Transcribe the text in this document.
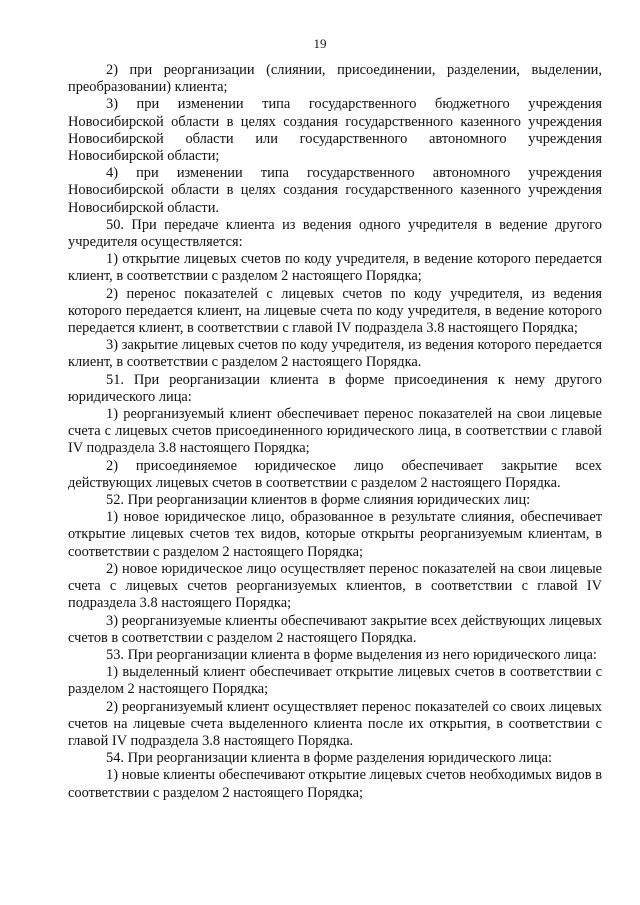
19

2) при реорганизации (слиянии, присоединении, разделении, выделении, преобразовании) клиента;

3) при изменении типа государственного бюджетного учреждения Новосибирской области в целях создания государственного казенного учреждения Новосибирской области или государственного автономного учреждения Новосибирской области;

4) при изменении типа государственного автономного учреждения Новосибирской области в целях создания государственного казенного учреждения Новосибирской области.

50. При передаче клиента из ведения одного учредителя в ведение другого учредителя осуществляется:

1) открытие лицевых счетов по коду учредителя, в ведение которого передается клиент, в соответствии с разделом 2 настоящего Порядка;

2) перенос показателей с лицевых счетов по коду учредителя, из ведения которого передается клиент, на лицевые счета по коду учредителя, в ведение которого передается клиент, в соответствии с главой IV подраздела 3.8 настоящего Порядка;

3) закрытие лицевых счетов по коду учредителя, из ведения которого передается клиент, в соответствии с разделом 2 настоящего Порядка.

51. При реорганизации клиента в форме присоединения к нему другого юридического лица:

1) реорганизуемый клиент обеспечивает перенос показателей на свои лицевые счета с лицевых счетов присоединенного юридического лица, в соответствии с главой IV подраздела 3.8 настоящего Порядка;

2) присоединяемое юридическое лицо обеспечивает закрытие всех действующих лицевых счетов в соответствии с разделом 2 настоящего Порядка.

52. При реорганизации клиентов в форме слияния юридических лиц:

1) новое юридическое лицо, образованное в результате слияния, обеспечивает открытие лицевых счетов тех видов, которые открыты реорганизуемым клиентам, в соответствии с разделом 2 настоящего Порядка;

2) новое юридическое лицо осуществляет перенос показателей на свои лицевые счета с лицевых счетов реорганизуемых клиентов, в соответствии с главой IV подраздела 3.8 настоящего Порядка;

3) реорганизуемые клиенты обеспечивают закрытие всех действующих лицевых счетов в соответствии с разделом 2 настоящего Порядка.

53. При реорганизации клиента в форме выделения из него юридического лица:

1) выделенный клиент обеспечивает открытие лицевых счетов в соответствии с разделом 2 настоящего Порядка;

2) реорганизуемый клиент осуществляет перенос показателей со своих лицевых счетов на лицевые счета выделенного клиента после их открытия, в соответствии с главой IV подраздела 3.8 настоящего Порядка.

54. При реорганизации клиента в форме разделения юридического лица:

1) новые клиенты обеспечивают открытие лицевых счетов необходимых видов в соответствии с разделом 2 настоящего Порядка;
